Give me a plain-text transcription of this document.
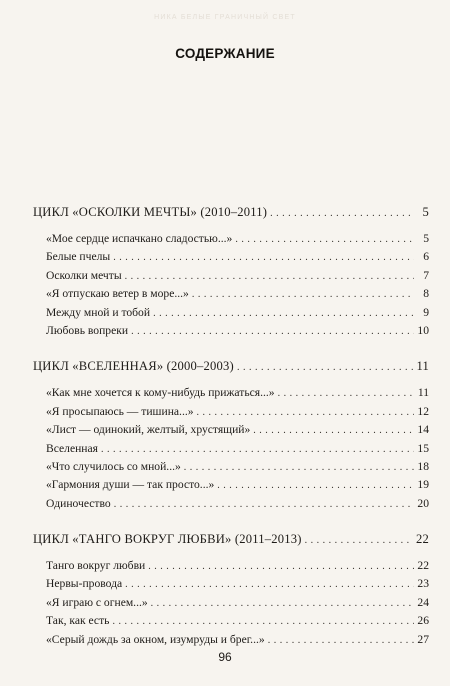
НИКА БЕЛЫЕ ГРАНИЧНЫЙ СВЕТ
СОДЕРЖАНИЕ
ЦИКЛ «ОСКОЛКИ МЕЧТЫ» (2010–2011) . . .	5
«Мое сердце испачкано сладостью...» . . .	5
Белые пчелы . . .	6
Осколки мечты . . .	7
«Я отпускаю ветер в море...» . . .	8
Между мной и тобой . . .	9
Любовь вопреки . . .	10
ЦИКЛ «ВСЕЛЕННАЯ» (2000–2003) . . .	11
«Как мне хочется к кому-нибудь прижаться...» . . .	11
«Я просыпаюсь — тишина...» . . .	12
«Лист — одинокий, желтый, хрустящий» . . .	14
Вселенная . . .	15
«Что случилось со мной...» . . .	18
«Гармония души — так просто...» . . .	19
Одиночество . . .	20
ЦИКЛ «ТАНГО ВОКРУГ ЛЮБВИ» (2011–2013) . . .	22
Танго вокруг любви . . .	22
Нервы-провода . . .	23
«Я играю с огнем...» . . .	24
Так, как есть . . .	26
«Серый дождь за окном, изумруды и брег...» . . .	27
96
